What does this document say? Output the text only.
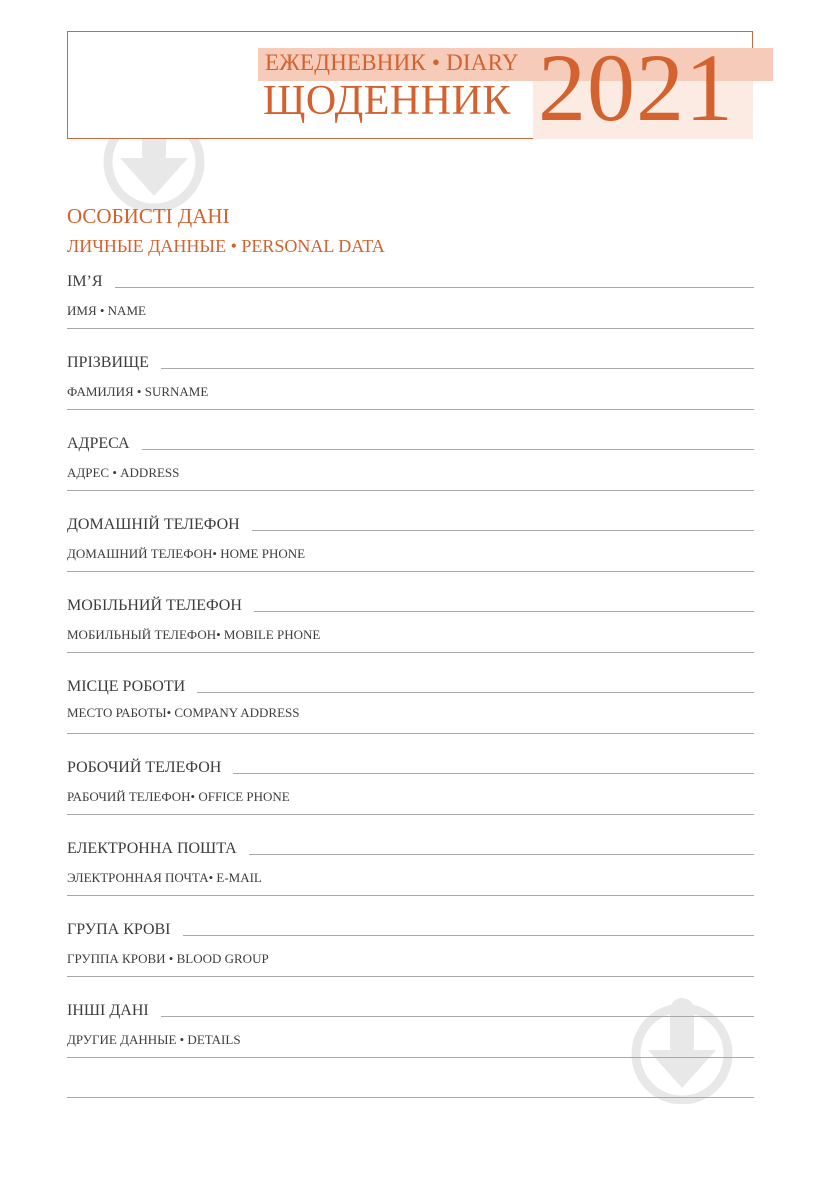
ЕЖЕДНЕВНИК • DIARY
ЩОДЕННИК 2021
ОСОБИСТІ ДАНІ
ЛИЧНЫЕ ДАННЫЕ • PERSONAL DATA
ІМ’Я
ИМЯ • NAME
ПРІЗВИЩЕ
ФАМИЛИЯ • SURNAME
АДРЕСА
АДРЕС • ADDRESS
ДОМАШНІЙ ТЕЛЕФОН
ДОМАШНИЙ ТЕЛЕФОН• HOME PHONE
МОБІЛЬНИЙ ТЕЛЕФОН
МОБИЛЬНЫЙ ТЕЛЕФОН• MOBILE PHONE
МІСЦЕ РОБОТИ
МЕСТО РАБОТЫ• COMPANY ADDRESS
РОБОЧИЙ ТЕЛЕФОН
РАБОЧИЙ ТЕЛЕФОН• OFFICE PHONE
ЕЛЕКТРОННА ПОШТА
ЭЛЕКТРОННАЯ ПОЧТА• E-MAIL
ГРУПА КРОВІ
ГРУППА КРОВИ • BLOOD GROUP
ІНШІ ДАНІ
ДРУГИЕ ДАННЫЕ • DETAILS
